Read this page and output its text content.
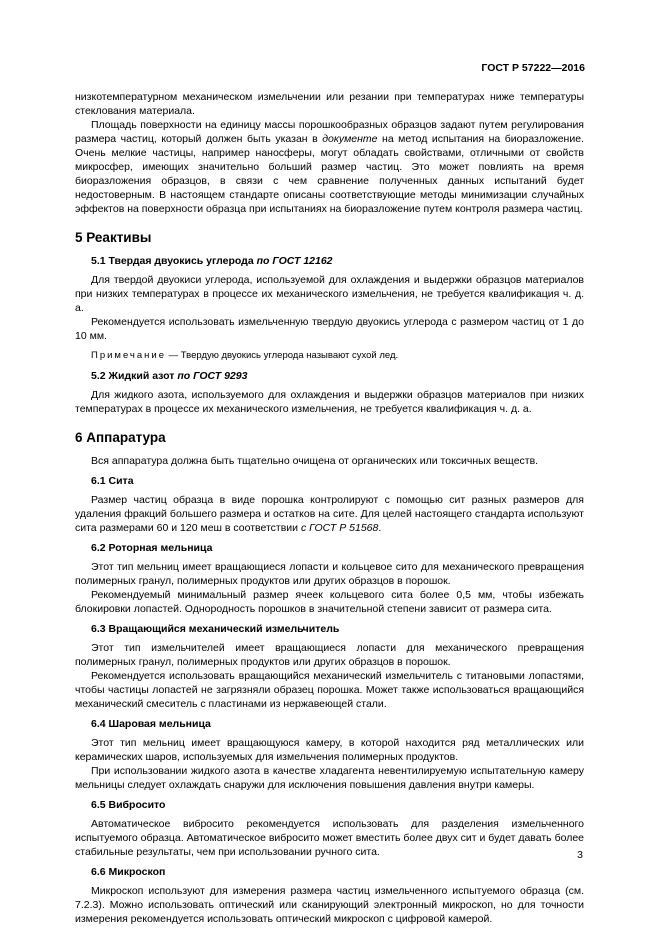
ГОСТ Р 57222—2016

низкотемпературном механическом измельчении или резании при температурах ниже температуры стеклования материала.

Площадь поверхности на единицу массы порошкообразных образцов задают путем регулирования размера частиц, который должен быть указан в документе на метод испытания на биоразложение. Очень мелкие частицы, например наносферы, могут обладать свойствами, отличными от свойств микросфер, имеющих значительно больший размер частиц. Это может повлиять на время биоразложения образцов, в связи с чем сравнение полученных данных испытаний будет недостоверным. В настоящем стандарте описаны соответствующие методы минимизации случайных эффектов на поверхности образца при испытаниях на биоразложение путем контроля размера частиц.

5 Реактивы
5.1 Твердая двуокись углерода по ГОСТ 12162

Для твердой двуокиси углерода, используемой для охлаждения и выдержки образцов материалов при низких температурах в процессе их механического измельчения, не требуется квалификация ч. д. а.

Рекомендуется использовать измельченную твердую двуокись углерода с размером частиц от 1 до 10 мм.

Примечание — Твердую двуокись углерода называют сухой лед.

5.2 Жидкий азот по ГОСТ 9293

Для жидкого азота, используемого для охлаждения и выдержки образцов материалов при низких температурах в процессе их механического измельчения, не требуется квалификация ч. д. а.

6 Аппаратура

Вся аппаратура должна быть тщательно очищена от органических или токсичных веществ.

6.1 Сита

Размер частиц образца в виде порошка контролируют с помощью сит разных размеров для удаления фракций большего размера и остатков на сите. Для целей настоящего стандарта используют сита размерами 60 и 120 меш в соответствии с ГОСТ Р 51568.

6.2 Роторная мельница

Этот тип мельниц имеет вращающиеся лопасти и кольцевое сито для механического превращения полимерных гранул, полимерных продуктов или других образцов в порошок.

Рекомендуемый минимальный размер ячеек кольцевого сита более 0,5 мм, чтобы избежать блокировки лопастей. Однородность порошков в значительной степени зависит от размера сита.

6.3 Вращающийся механический измельчитель

Этот тип измельчителей имеет вращающиеся лопасти для механического превращения полимерных гранул, полимерных продуктов или других образцов в порошок.

Рекомендуется использовать вращающийся механический измельчитель с титановыми лопастями, чтобы частицы лопастей не загрязняли образец порошка. Может также использоваться вращающийся механический смеситель с пластинами из нержавеющей стали.

6.4 Шаровая мельница

Этот тип мельниц имеет вращающуюся камеру, в которой находится ряд металлических или керамических шаров, используемых для измельчения полимерных продуктов.

При использовании жидкого азота в качестве хладагента невентилируемую испытательную камеру мельницы следует охлаждать снаружи для исключения повышения давления внутри камеры.

6.5 Вибросито

Автоматическое вибросито рекомендуется использовать для разделения измельченного испытуемого образца. Автоматическое вибросито может вместить более двух сит и будет давать более стабильные результаты, чем при использовании ручного сита.

6.6 Микроскоп

Микроскоп используют для измерения размера частиц измельченного испытуемого образца (см. 7.2.3). Можно использовать оптический или сканирующий электронный микроскоп, но для точности измерения рекомендуется использовать оптический микроскоп с цифровой камерой.

3
